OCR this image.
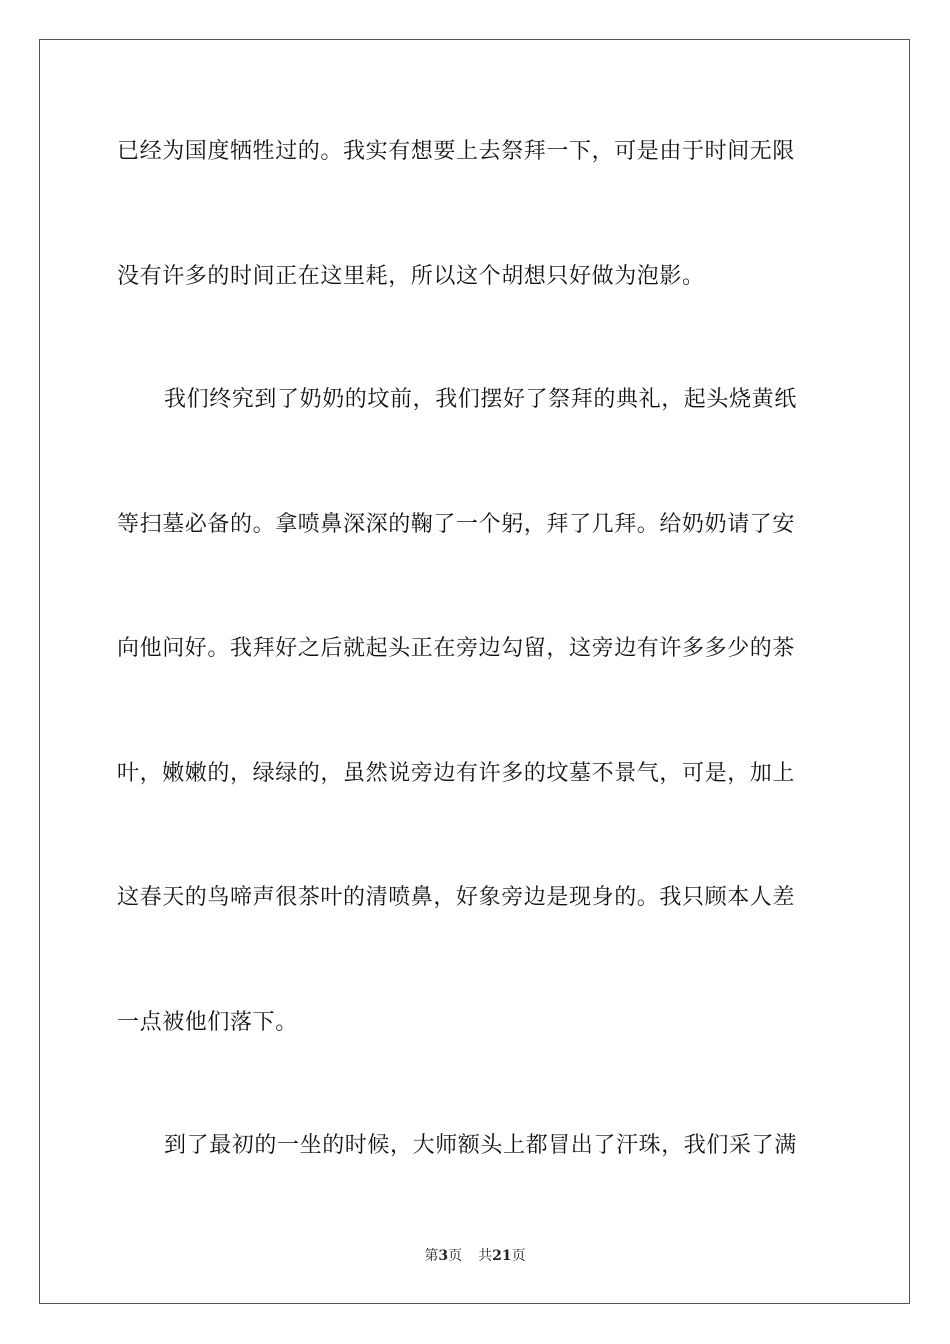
已经为国度牺牲过的。我实有想要上去祭拜一下，可是由于时间无限
没有许多的时间正在这里耗，所以这个胡想只好做为泡影。
我们终究到了奶奶的坟前，我们摆好了祭拜的典礼，起头烧黄纸
等扫墓必备的。拿喷鼻深深的鞠了一个躬，拜了几拜。给奶奶请了安
向他问好。我拜好之后就起头正在旁边勾留，这旁边有许多多少的茶
叶，嫩嫩的，绿绿的，虽然说旁边有许多的坟墓不景气，可是，加上
这春天的鸟啼声很茶叶的清喷鼻，好象旁边是现身的。我只顾本人差
一点被他们落下。
到了最初的一坐的时候，大师额头上都冒出了汗珠，我们采了满
第3页 共21页
